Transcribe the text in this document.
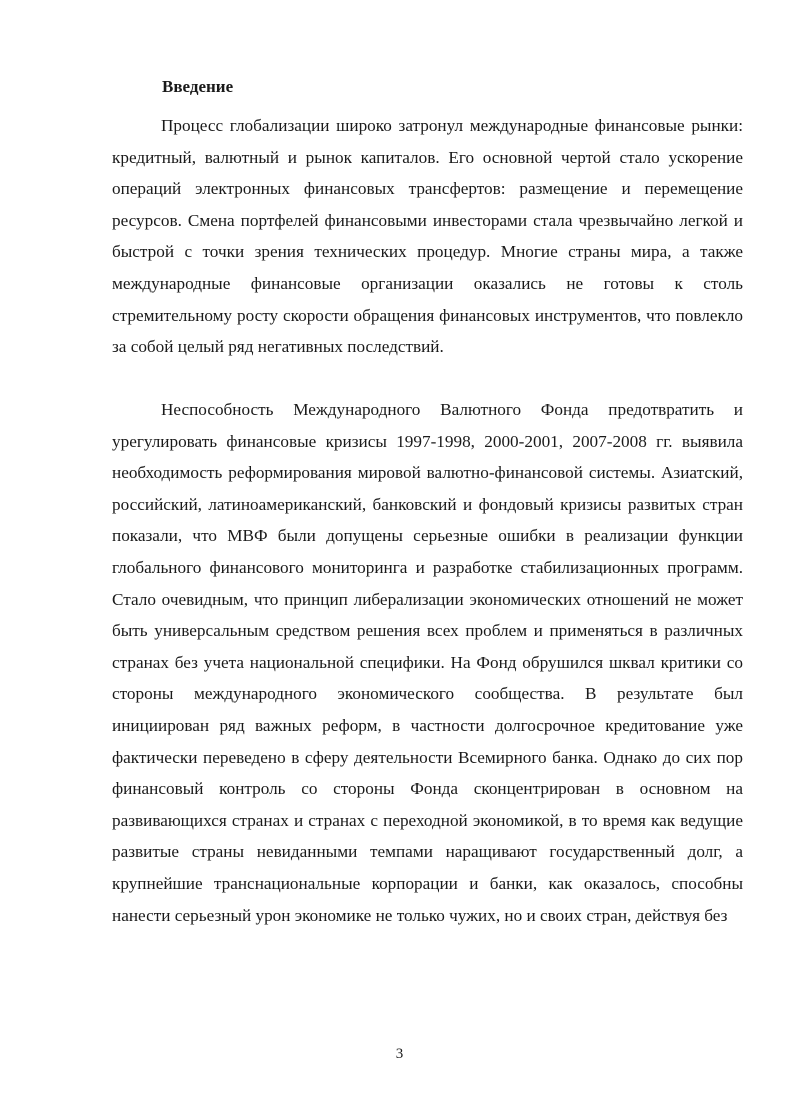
Введение

Процесс глобализации широко затронул международные финансовые рынки: кредитный, валютный и рынок капиталов. Его основной чертой стало ускорение операций электронных финансовых трансфертов: размещение и перемещение ресурсов. Смена портфелей финансовыми инвесторами стала чрезвычайно легкой и быстрой с точки зрения технических процедур. Многие страны мира, а также международные финансовые организации оказались не готовы к столь стремительному росту скорости обращения финансовых инструментов, что повлекло за собой целый ряд негативных последствий.

Неспособность Международного Валютного Фонда предотвратить и урегулировать финансовые кризисы 1997-1998, 2000-2001, 2007-2008 гг. выявила необходимость реформирования мировой валютно-финансовой системы. Азиатский, российский, латиноамериканский, банковский и фондовый кризисы развитых стран показали, что МВФ были допущены серьезные ошибки в реализации функции глобального финансового мониторинга и разработке стабилизационных программ. Стало очевидным, что принцип либерализации экономических отношений не может быть универсальным средством решения всех проблем и применяться в различных странах без учета национальной специфики. На Фонд обрушился шквал критики со стороны международного экономического сообщества. В результате был инициирован ряд важных реформ, в частности долгосрочное кредитование уже фактически переведено в сферу деятельности Всемирного банка. Однако до сих пор финансовый контроль со стороны Фонда сконцентрирован в основном на развивающихся странах и странах с переходной экономикой, в то время как ведущие развитые страны невиданными темпами наращивают государственный долг, а крупнейшие транснациональные корпорации и банки, как оказалось, способны нанести серьезный урон экономике не только чужих, но и своих стран, действуя без

3
